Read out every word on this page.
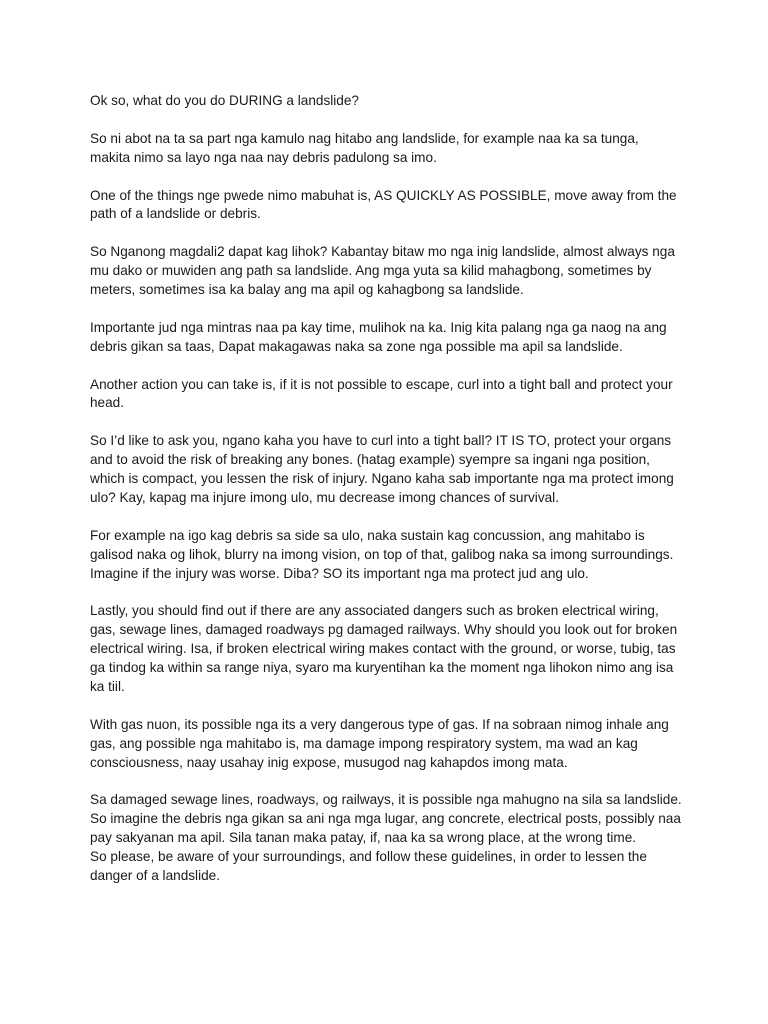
Ok so, what do you do DURING a landslide?

So ni abot na ta sa part nga kamulo nag hitabo ang landslide, for example naa ka sa tunga, makita nimo sa layo nga naa nay debris padulong sa imo.

One of the things nge pwede nimo mabuhat is, AS QUICKLY AS POSSIBLE, move away from the path of a landslide or debris.

So Nganong magdali2 dapat kag lihok? Kabantay bitaw mo nga inig landslide, almost always nga mu dako or muwiden ang path sa landslide. Ang mga yuta sa kilid mahagbong, sometimes by meters, sometimes isa ka balay ang ma apil og kahagbong sa landslide.

Importante jud nga mintras naa pa kay time, mulihok na ka. Inig kita palang nga ga naog na ang debris gikan sa taas, Dapat makagawas naka sa zone nga possible ma apil sa landslide.

Another action you can take is, if it is not possible to escape, curl into a tight ball and protect your head.

So I’d like to ask you, ngano kaha you have to curl into a tight ball? IT IS TO, protect your organs and to avoid the risk of breaking any bones. (hatag example) syempre sa ingani nga position, which is compact, you lessen the risk of injury. Ngano kaha sab importante nga ma protect imong ulo? Kay, kapag ma injure imong ulo, mu decrease imong chances of survival.

For example na igo kag debris sa side sa ulo, naka sustain kag concussion, ang mahitabo is galisod naka og lihok, blurry na imong vision, on top of that, galibog naka sa imong surroundings. Imagine if the injury was worse. Diba? SO its important nga ma protect jud ang ulo.

Lastly, you should find out if there are any associated dangers such as broken electrical wiring, gas, sewage lines, damaged roadways pg damaged railways. Why should you look out for broken electrical wiring. Isa, if broken electrical wiring makes contact with the ground, or worse, tubig, tas ga tindog ka within sa range niya, syaro ma kuryentihan ka the moment nga lihokon nimo ang isa ka tiil.

With gas nuon, its possible nga its a very dangerous type of gas. If na sobraan nimog inhale ang gas, ang possible nga mahitabo is, ma damage impong respiratory system, ma wad an kag consciousness, naay usahay inig expose, musugod nag kahapdos imong mata.

Sa damaged sewage lines, roadways, og railways, it is possible nga mahugno na sila sa landslide. So imagine the debris nga gikan sa ani nga mga lugar, ang concrete, electrical posts, possibly naa pay sakyanan ma apil. Sila tanan maka patay, if, naa ka sa wrong place, at the wrong time.

So please, be aware of your surroundings, and follow these guidelines, in order to lessen the danger of a landslide.
